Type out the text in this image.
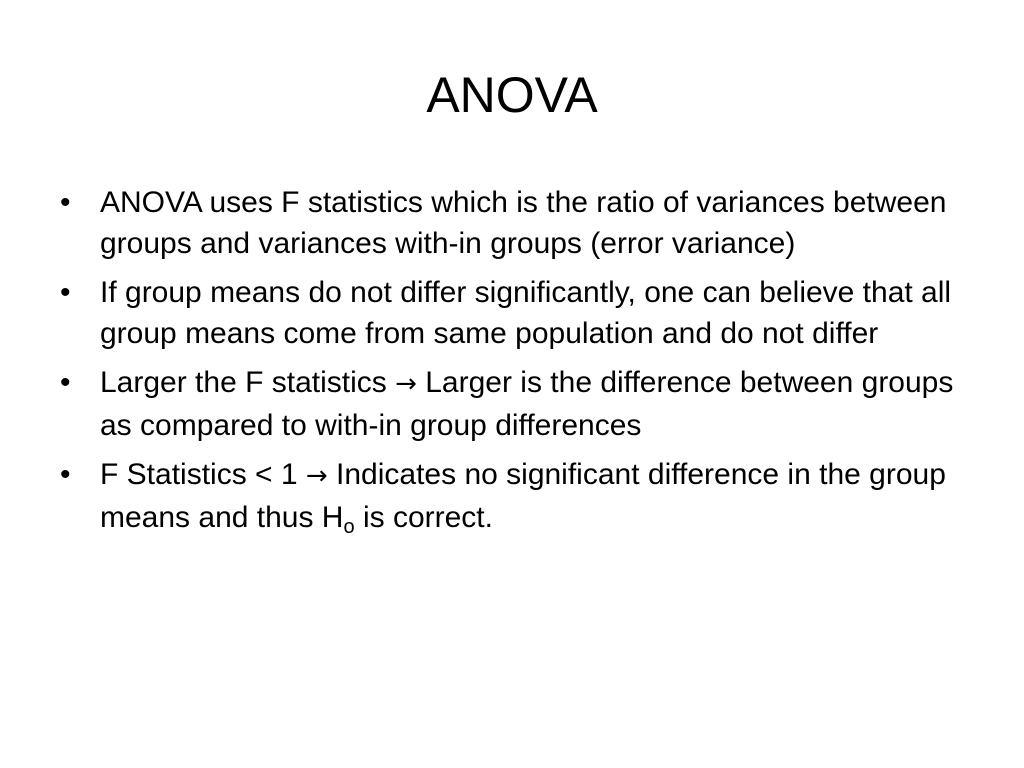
ANOVA
• ANOVA uses F statistics which is the ratio of variances between groups and variances with-in groups (error variance)
• If group means do not differ significantly, one can believe that all group means come from same population and do not differ
• Larger the F statistics → Larger is the difference between groups as compared to with-in group differences
• F Statistics < 1 → Indicates no significant difference in the group means and thus $H_o$ is correct.
